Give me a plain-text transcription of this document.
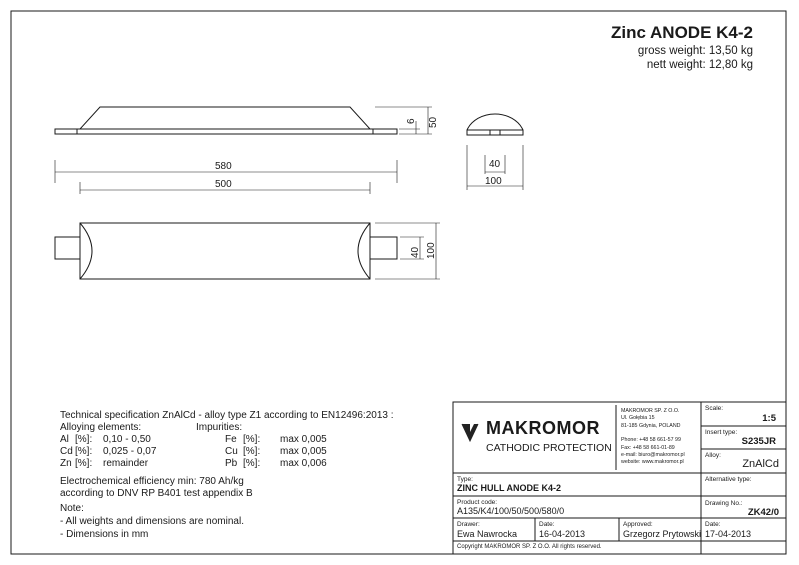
6 50
40
100
580
500
40 100
Zinc ANODE K4-2
gross weight: 13,50 kg
nett weight: 12,80 kg
Technical specification ZnAlCd - alloy type Z1 according to EN12496:2013 :
Alloying elements:	Impurities:
Al [%]: 0,10 - 0,50
Cd [%]: 0,025 - 0,07
Zn [%]: remainder
Fe [%]: max 0,005
Cu [%]: max 0,005
Pb [%]: max 0,006
Electrochemical efficiency min: 780 Ah/kg
according to DNV RP B401 test appendix B
Note:
- All weights and dimensions are nominal.
- Dimensions in mm
MAKROMOR
CATHODIC PROTECTION
MAKROMOR SP. Z O.O.
Ul. Gołębia 15
81-185 Gdynia, POLAND
Phone: +48 58 661-57 99
Fax: +48 58 661-01-89
e-mail: biuro@makromor.pl
website: www.makromor.pl
Scale:
1:5
Insert type:
S235JR
Alloy:
ZnAlCd
Type:
ZINC HULL ANODE K4-2
Alternative type:
Product code:
A135/K4/100/50/500/580/0
Drawing No.:
ZK42/0
Drawer:
Ewa Nawrocka
Date:
16-04-2013
Approved:
Grzegorz Prytowski
Date:
17-04-2013
Copyright MAKROMOR SP. Z O.O. All rights reserved.
